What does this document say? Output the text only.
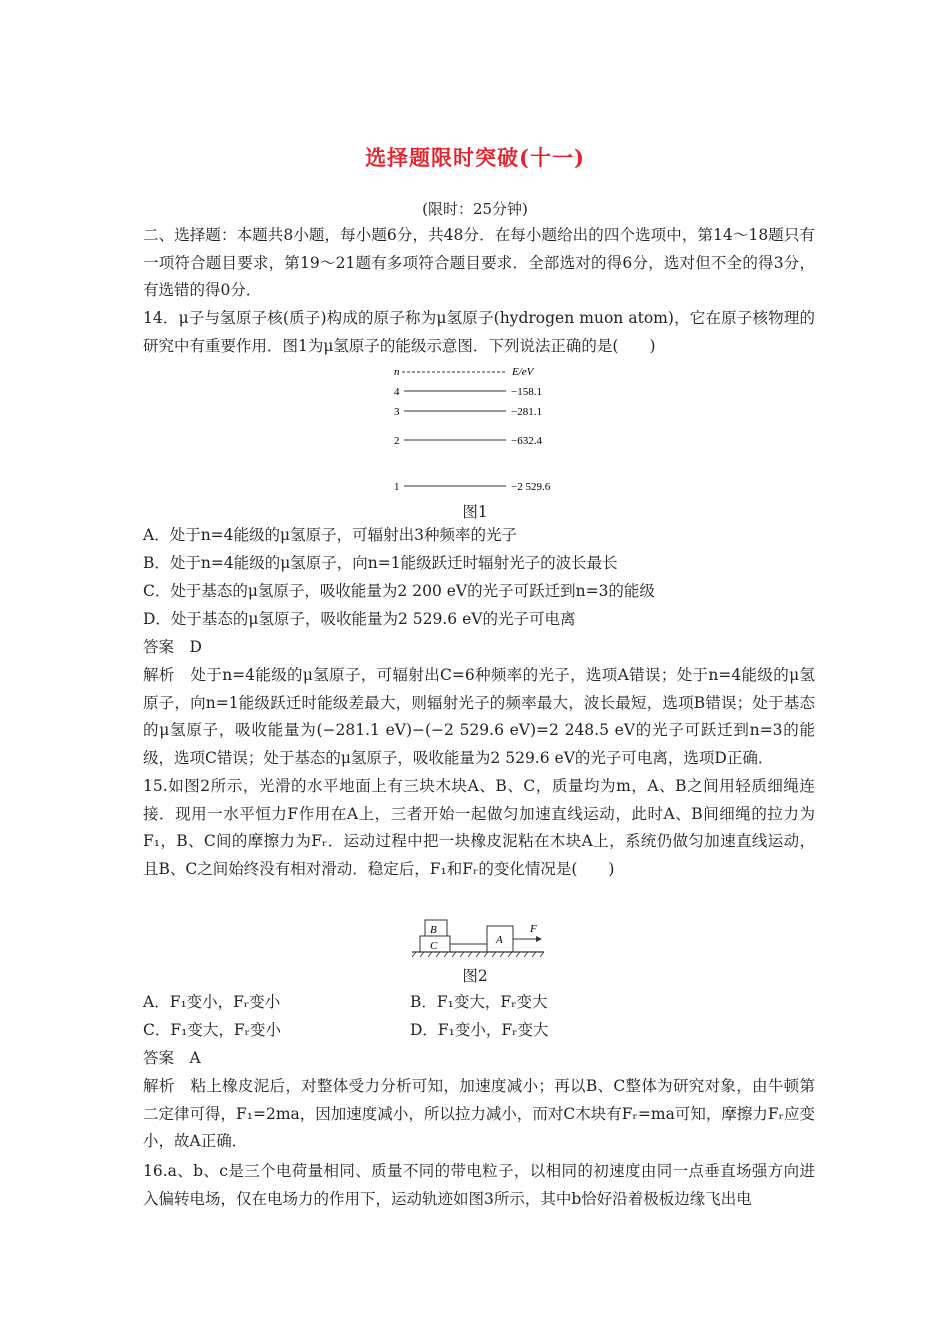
选择题限时突破(十一)
(限时：25分钟)
二、选择题：本题共8小题，每小题6分，共48分．在每小题给出的四个选项中，第14～18题只有一项符合题目要求，第19～21题有多项符合题目要求．全部选对的得6分，选对但不全的得3分，有选错的得0分．
14．μ子与氢原子核(质子)构成的原子称为μ氢原子(hydrogen muon atom)，它在原子核物理的研究中有重要作用．图1为μ氢原子的能级示意图．下列说法正确的是(　　)
n	E/eV
4	−158.1
3	−281.1
2	−632.4
1	−2 529.6
图1
A．处于n=4能级的μ氢原子，可辐射出3种频率的光子
B．处于n=4能级的μ氢原子，向n=1能级跃迁时辐射光子的波长最长
C．处于基态的μ氢原子，吸收能量为2 200 eV的光子可跃迁到n=3的能级
D．处于基态的μ氢原子，吸收能量为2 529.6 eV的光子可电离
答案　D
解析　处于n=4能级的μ氢原子，可辐射出C=6种频率的光子，选项A错误；处于n=4能级的μ氢原子，向n=1能级跃迁时能级差最大，则辐射光子的频率最大，波长最短，选项B错误；处于基态的μ氢原子，吸收能量为(−281.1 eV)−(−2 529.6 eV)=2 248.5 eV的光子可跃迁到n=3的能级，选项C错误；处于基态的μ氢原子，吸收能量为2 529.6 eV的光子可电离，选项D正确．
15.如图2所示，光滑的水平地面上有三块木块A、B、C，质量均为m，A、B之间用轻质细绳连接．现用一水平恒力F作用在A上，三者开始一起做匀加速直线运动，此时A、B间细绳的拉力为F₁，B、C间的摩擦力为Fᵣ．运动过程中把一块橡皮泥粘在木块A上，系统仍做匀加速直线运动，且B、C之间始终没有相对滑动．稳定后，F₁和Fᵣ的变化情况是(　　)
B
C	A
F
图2
A．F₁变小，Fᵣ变小	B．F₁变大，Fᵣ变大
C．F₁变大，Fᵣ变小	D．F₁变小，Fᵣ变大
答案　A
解析　粘上橡皮泥后，对整体受力分析可知，加速度减小；再以B、C整体为研究对象，由牛顿第二定律可得，F₁=2ma，因加速度减小，所以拉力减小，而对C木块有Fᵣ=ma可知，摩擦力Fᵣ应变小，故A正确．
16.a、b、c是三个电荷量相同、质量不同的带电粒子，以相同的初速度由同一点垂直场强方向进入偏转电场，仅在电场力的作用下，运动轨迹如图3所示，其中b恰好沿着极板边缘飞出电
